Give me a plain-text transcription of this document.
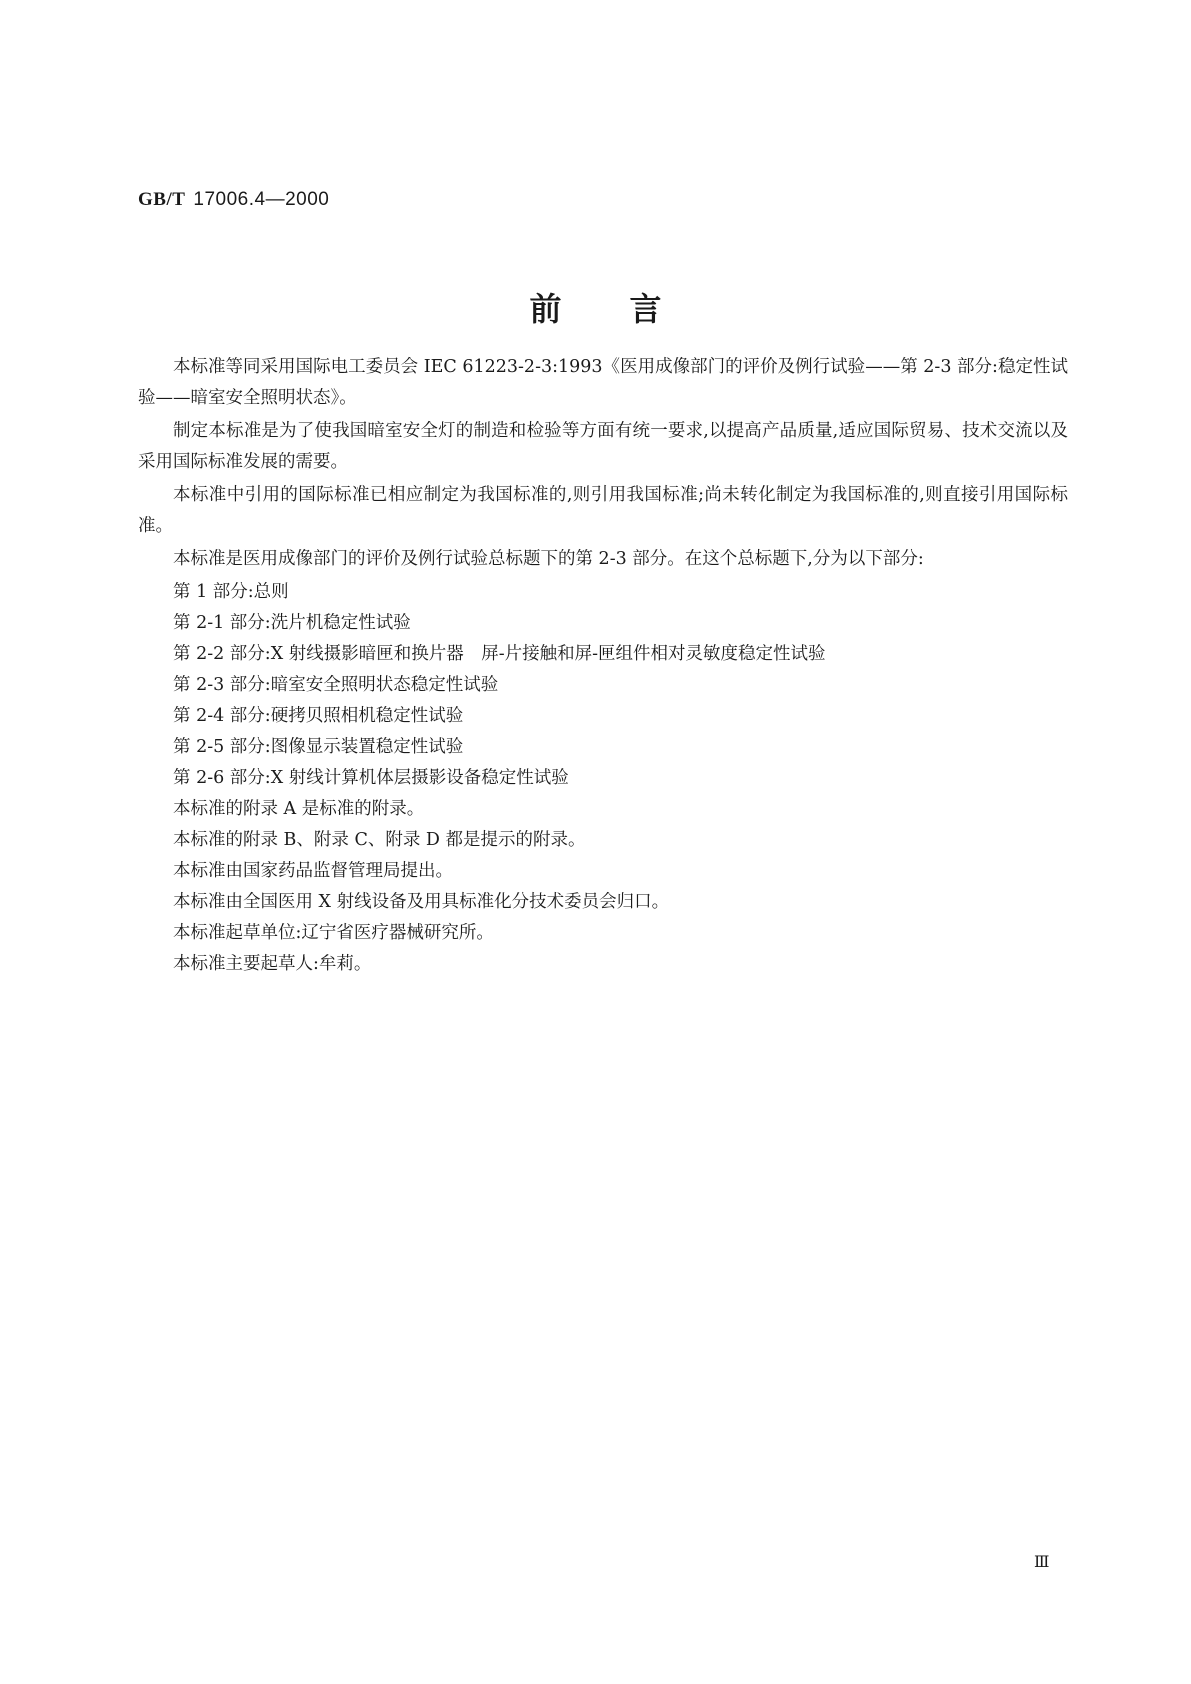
GB/T 17006.4—2000
前言

本标准等同采用国际电工委员会 IEC 61223-2-3:1993《医用成像部门的评价及例行试验——第 2-3 部分:稳定性试验——暗室安全照明状态》。

制定本标准是为了使我国暗室安全灯的制造和检验等方面有统一要求,以提高产品质量,适应国际贸易、技术交流以及采用国际标准发展的需要。

本标准中引用的国际标准已相应制定为我国标准的,则引用我国标准;尚未转化制定为我国标准的,则直接引用国际标准。

本标准是医用成像部门的评价及例行试验总标题下的第 2-3 部分。在这个总标题下,分为以下部分:

第 1 部分:总则
第 2-1 部分:洗片机稳定性试验
第 2-2 部分:X 射线摄影暗匣和换片器　屏-片接触和屏-匣组件相对灵敏度稳定性试验
第 2-3 部分:暗室安全照明状态稳定性试验
第 2-4 部分:硬拷贝照相机稳定性试验
第 2-5 部分:图像显示装置稳定性试验
第 2-6 部分:X 射线计算机体层摄影设备稳定性试验
本标准的附录 A 是标准的附录。
本标准的附录 B、附录 C、附录 D 都是提示的附录。
本标准由国家药品监督管理局提出。
本标准由全国医用 X 射线设备及用具标准化分技术委员会归口。
本标准起草单位:辽宁省医疗器械研究所。
本标准主要起草人:牟莉。
Ⅲ
